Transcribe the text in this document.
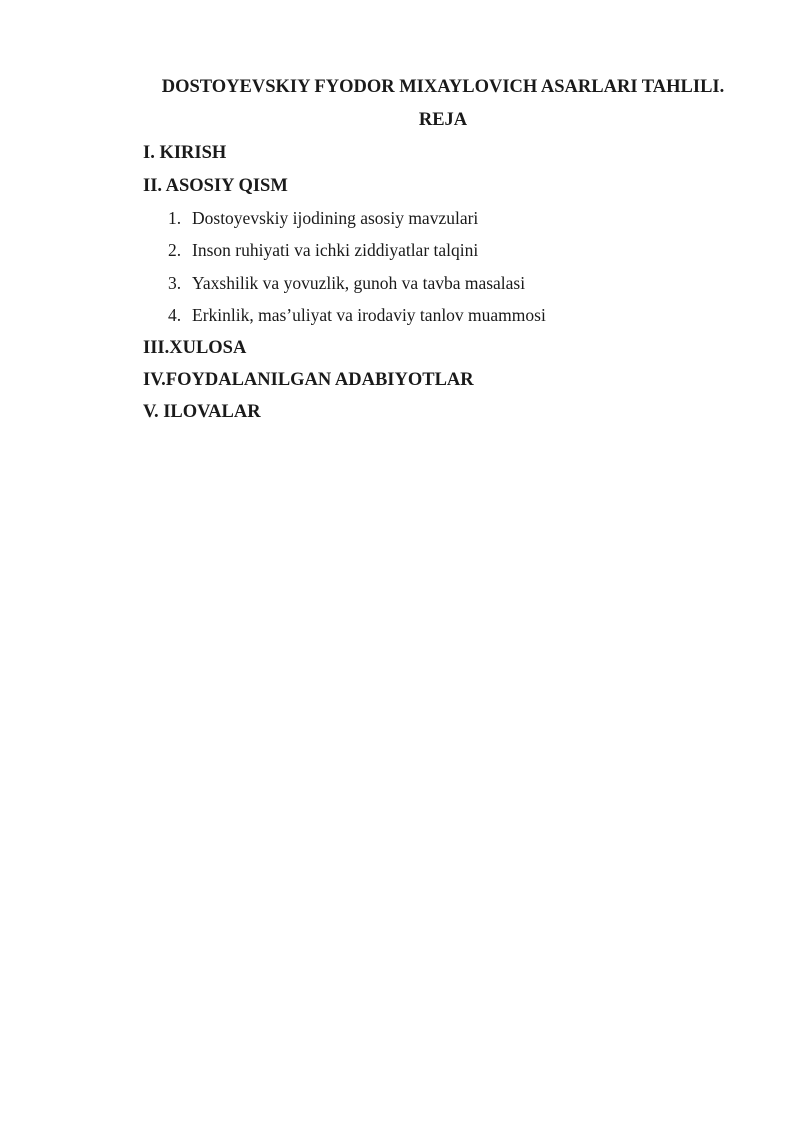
DOSTOYEVSKIY FYODOR MIXAYLOVICH ASARLARI TAHLILI.
REJA
I. KIRISH
II. ASOSIY QISM
1. Dostoyevskiy ijodining asosiy mavzulari
2. Inson ruhiyati va ichki ziddiyatlar talqini
3. Yaxshilik va yovuzlik, gunoh va tavba masalasi
4. Erkinlik, mas’uliyat va irodaviy tanlov muammosi
III.XULOSA
IV.FOYDALANILGAN ADABIYOTLAR
V. ILOVALAR
